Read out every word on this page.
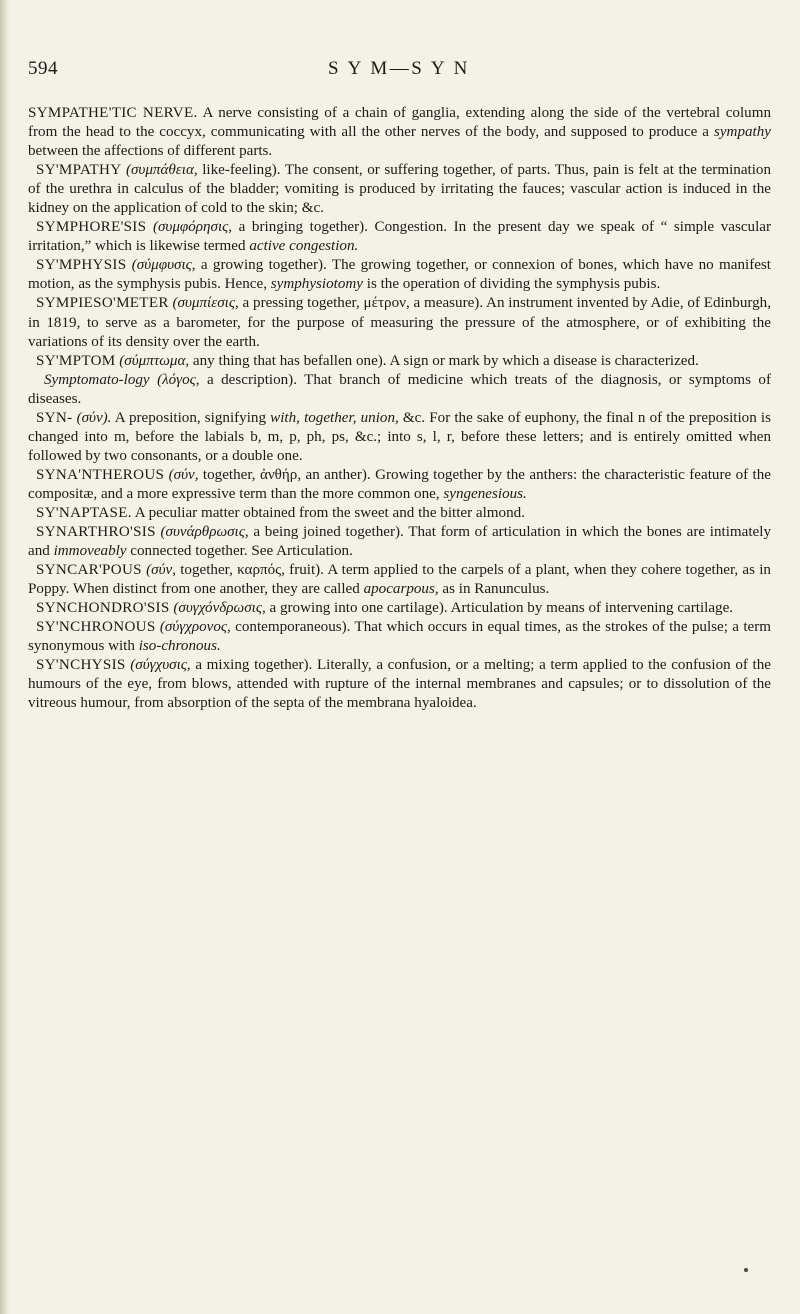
594	S Y M—S Y N

SYMPATHE'TIC NERVE. A nerve consisting of a chain of ganglia, extending along the side of the vertebral column from the head to the coccyx, communicating with all the other nerves of the body, and supposed to produce a sympathy between the affections of different parts.

SY'MPATHY (συμπάθεια, like-feeling). The consent, or suffering together, of parts. Thus, pain is felt at the termination of the urethra in calculus of the bladder; vomiting is produced by irritating the fauces; vascular action is induced in the kidney on the application of cold to the skin; &c.

SYMPHORE'SIS (συμφόρησις, a bringing together). Congestion. In the present day we speak of “ simple vascular irritation,” which is likewise termed active congestion.

SY'MPHYSIS (σύμφυσις, a growing together). The growing together, or connexion of bones, which have no manifest motion, as the symphysis pubis. Hence, symphysiotomy is the operation of dividing the symphysis pubis.

SYMPIESO'METER (συμπίεσις, a pressing together, μέτρον, a measure). An instrument invented by Adie, of Edinburgh, in 1819, to serve as a barometer, for the purpose of measuring the pressure of the atmosphere, or of exhibiting the variations of its density over the earth.

SY'MPTOM (σύμπτωμα, any thing that has befallen one). A sign or mark by which a disease is characterized.

Symptomato-logy (λόγος, a description). That branch of medicine which treats of the diagnosis, or symptoms of diseases.

SYN- (σύν). A preposition, signifying with, together, union, &c. For the sake of euphony, the final n of the preposition is changed into m, before the labials b, m, p, ph, ps, &c.; into s, l, r, before these letters; and is entirely omitted when followed by two consonants, or a double one.

SYNA'NTHEROUS (σύν, together, ἀνθήρ, an anther). Growing together by the anthers: the characteristic feature of the compositæ, and a more expressive term than the more common one, syngenesious.

SY'NAPTASE. A peculiar matter obtained from the sweet and the bitter almond.

SYNARTHRO'SIS (συνάρθρωσις, a being joined together). That form of articulation in which the bones are intimately and immoveably connected together. See Articulation.

SYNCAR'POUS (σύν, together, καρπός, fruit). A term applied to the carpels of a plant, when they cohere together, as in Poppy. When distinct from one another, they are called apocarpous, as in Ranunculus.

SYNCHONDRO'SIS (συγχόνδρωσις, a growing into one cartilage). Articulation by means of intervening cartilage.

SY'NCHRONOUS (σύγχρονος, contemporaneous). That which occurs in equal times, as the strokes of the pulse; a term synonymous with iso-chronous.

SY'NCHYSIS (σύγχυσις, a mixing together). Literally, a confusion, or a melting; a term applied to the confusion of the humours of the eye, from blows, attended with rupture of the internal membranes and capsules; or to dissolution of the vitreous humour, from absorption of the septa of the membrana hyaloidea.
